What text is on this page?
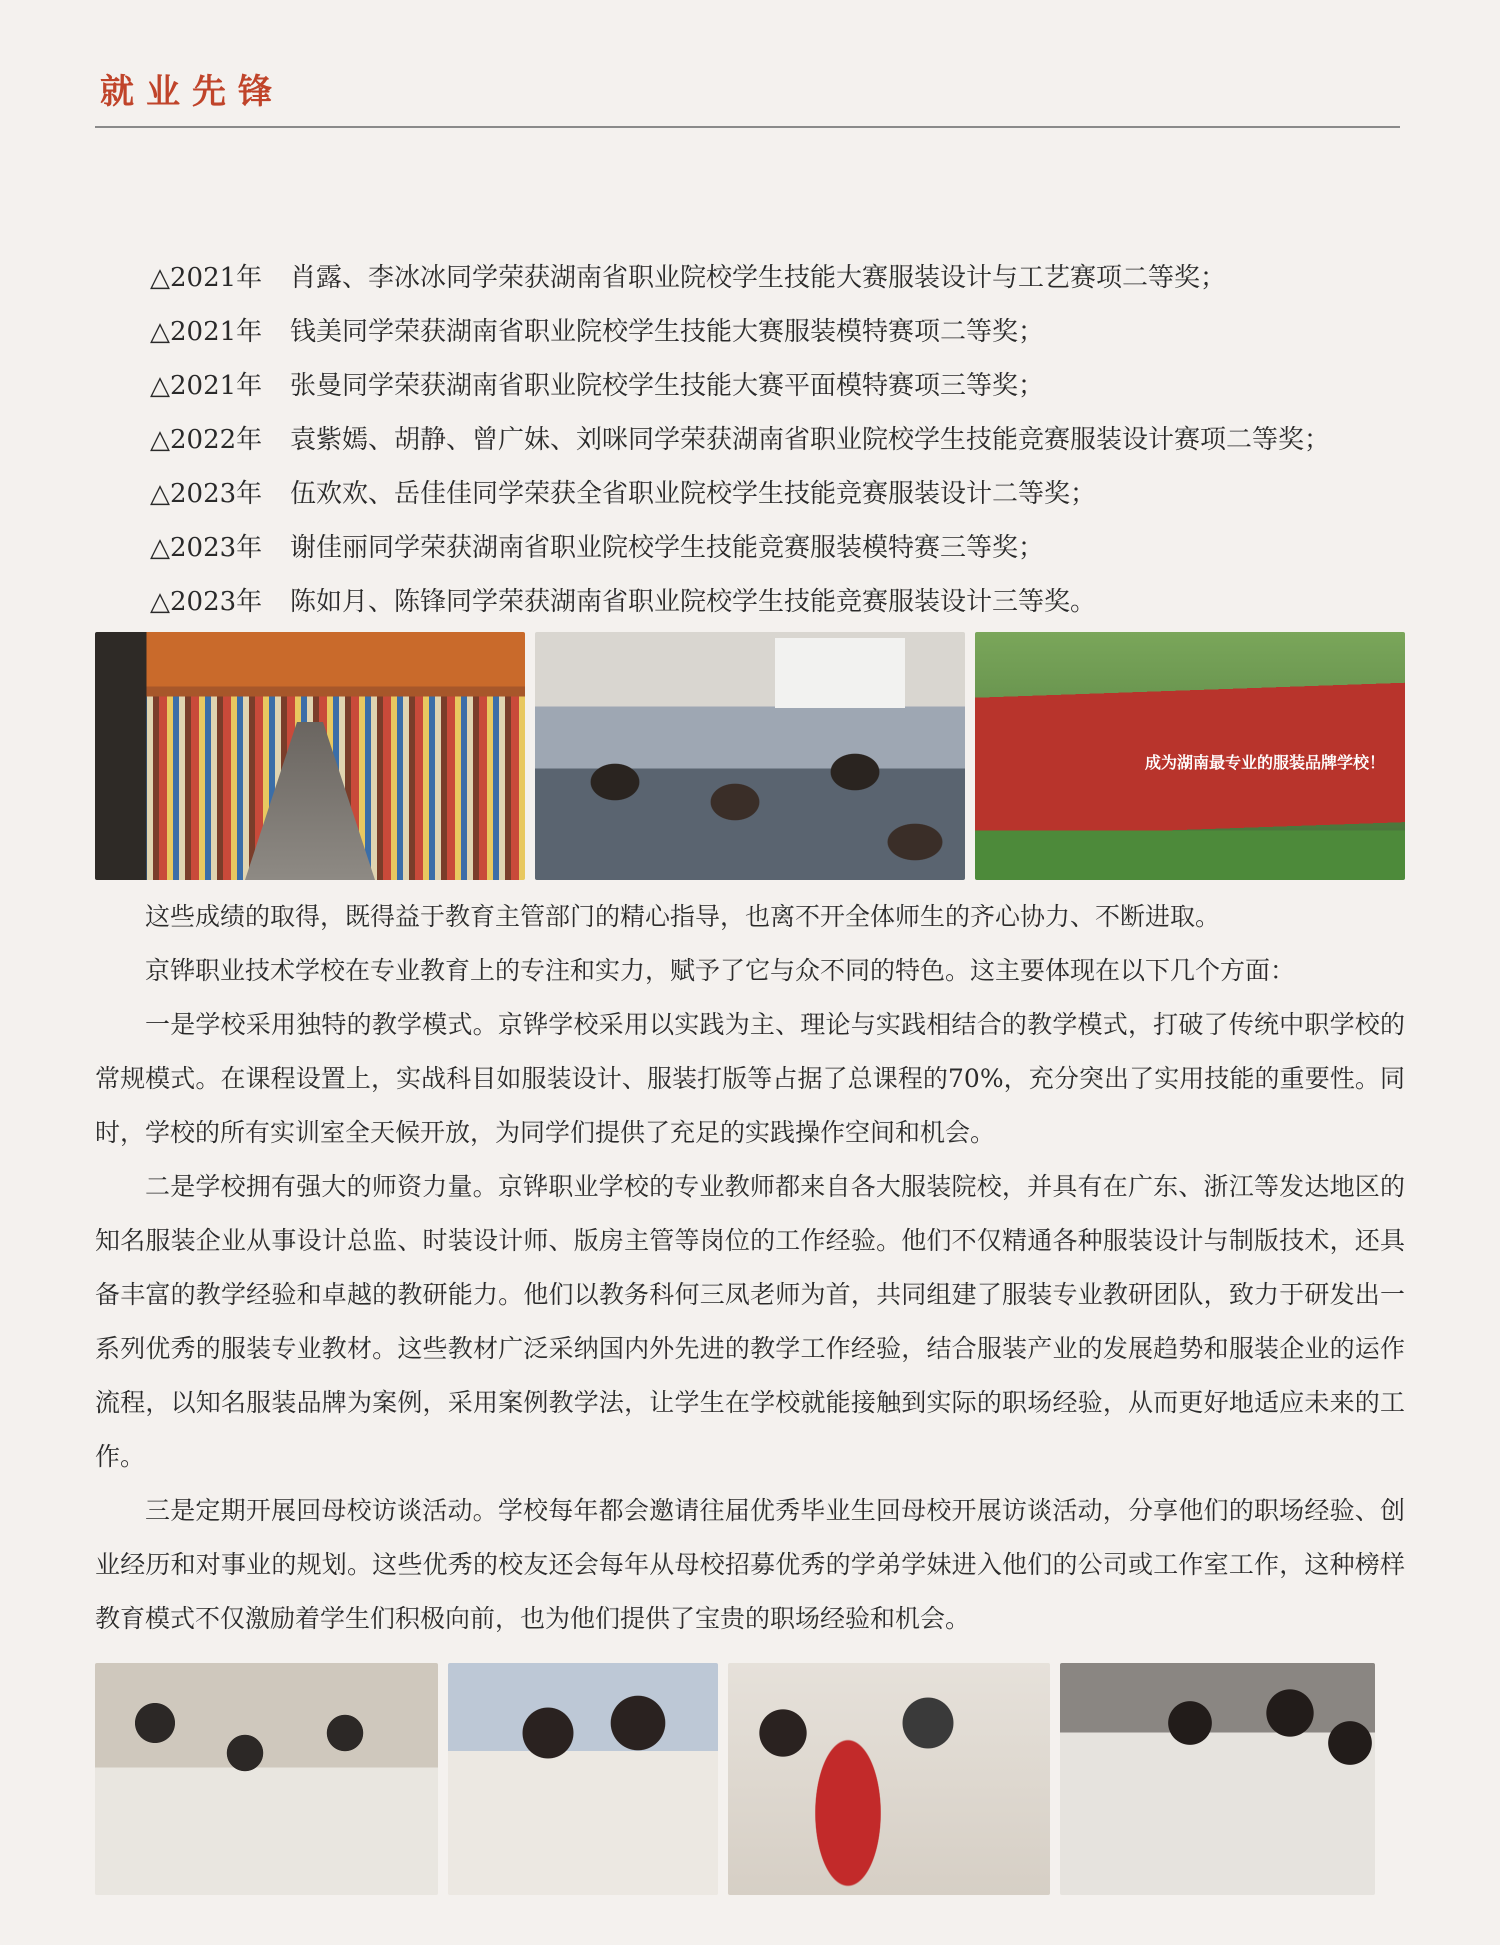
就业先锋
△2021年	肖露、李冰冰同学荣获湖南省职业院校学生技能大赛服装设计与工艺赛项二等奖；
△2021年	钱美同学荣获湖南省职业院校学生技能大赛服装模特赛项二等奖；
△2021年	张曼同学荣获湖南省职业院校学生技能大赛平面模特赛项三等奖；
△2022年	袁紫嫣、胡静、曾广妹、刘咪同学荣获湖南省职业院校学生技能竞赛服装设计赛项二等奖；
△2023年	伍欢欢、岳佳佳同学荣获全省职业院校学生技能竞赛服装设计二等奖；
△2023年	谢佳丽同学荣获湖南省职业院校学生技能竞赛服装模特赛三等奖；
△2023年	陈如月、陈锋同学荣获湖南省职业院校学生技能竞赛服装设计三等奖。
成为湖南最专业的服装品牌学校！

这些成绩的取得，既得益于教育主管部门的精心指导，也离不开全体师生的齐心协力、不断进取。

京铧职业技术学校在专业教育上的专注和实力，赋予了它与众不同的特色。这主要体现在以下几个方面：

一是学校采用独特的教学模式。京铧学校采用以实践为主、理论与实践相结合的教学模式，打破了传统中职学校的常规模式。在课程设置上，实战科目如服装设计、服装打版等占据了总课程的70%，充分突出了实用技能的重要性。同时，学校的所有实训室全天候开放，为同学们提供了充足的实践操作空间和机会。

二是学校拥有强大的师资力量。京铧职业学校的专业教师都来自各大服装院校，并具有在广东、浙江等发达地区的知名服装企业从事设计总监、时装设计师、版房主管等岗位的工作经验。他们不仅精通各种服装设计与制版技术，还具备丰富的教学经验和卓越的教研能力。他们以教务科何三凤老师为首，共同组建了服装专业教研团队，致力于研发出一系列优秀的服装专业教材。这些教材广泛采纳国内外先进的教学工作经验，结合服装产业的发展趋势和服装企业的运作流程，以知名服装品牌为案例，采用案例教学法，让学生在学校就能接触到实际的职场经验，从而更好地适应未来的工作。

三是定期开展回母校访谈活动。学校每年都会邀请往届优秀毕业生回母校开展访谈活动，分享他们的职场经验、创业经历和对事业的规划。这些优秀的校友还会每年从母校招募优秀的学弟学妹进入他们的公司或工作室工作，这种榜样教育模式不仅激励着学生们积极向前，也为他们提供了宝贵的职场经验和机会。
